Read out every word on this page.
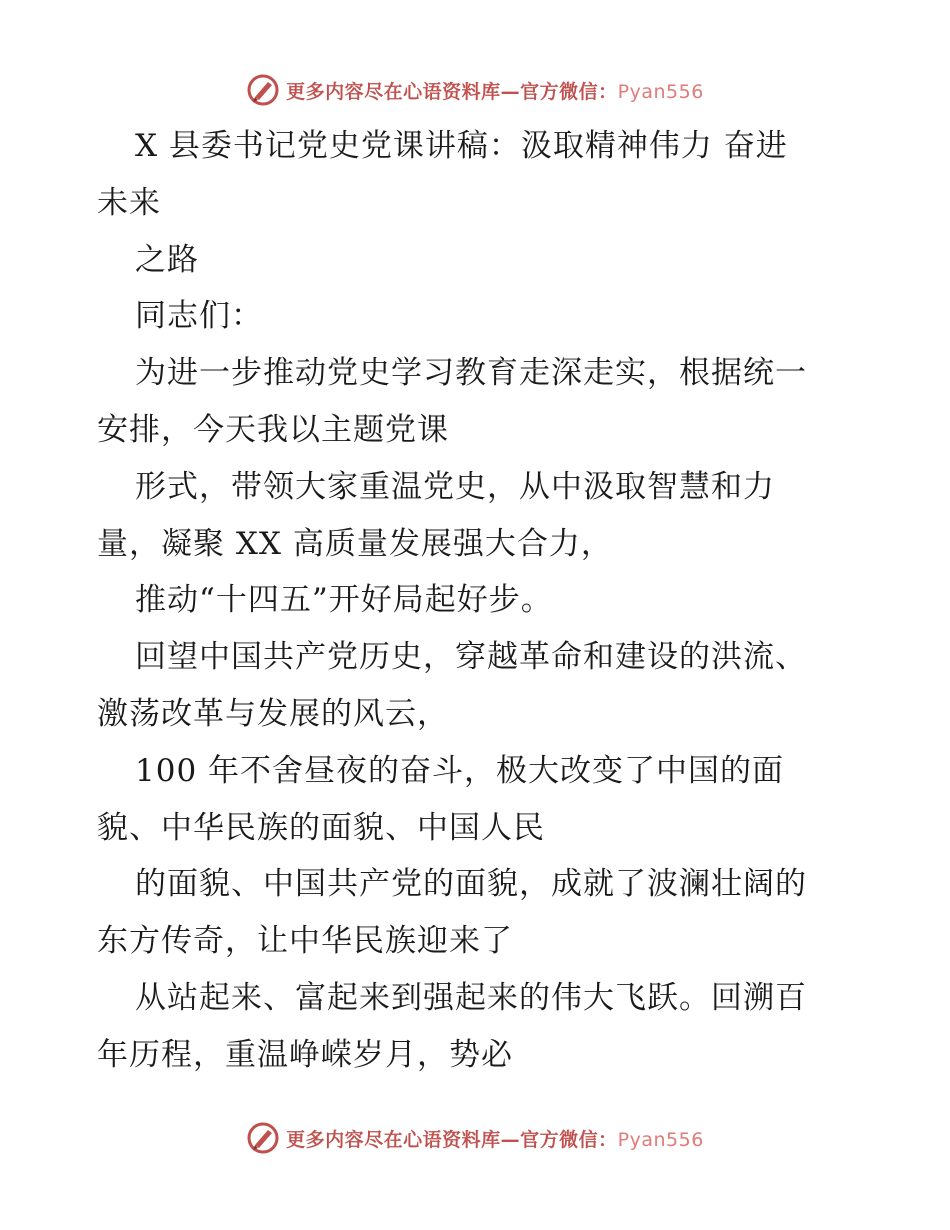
更多内容尽在心语资料库—官方微信：Pyan556
X 县委书记党史党课讲稿：汲取精神伟力 奋进
未来
之路
同志们：
为进一步推动党史学习教育走深走实，根据统一
安排，今天我以主题党课
形式，带领大家重温党史，从中汲取智慧和力
量，凝聚 XX 高质量发展强大合力，
推动“十四五”开好局起好步。
回望中国共产党历史，穿越革命和建设的洪流、
激荡改革与发展的风云，
100 年不舍昼夜的奋斗，极大改变了中国的面
貌、中华民族的面貌、中国人民
的面貌、中国共产党的面貌，成就了波澜壮阔的
东方传奇，让中华民族迎来了
从站起来、富起来到强起来的伟大飞跃。回溯百
年历程，重温峥嵘岁月，势必
更多内容尽在心语资料库—官方微信：Pyan556
